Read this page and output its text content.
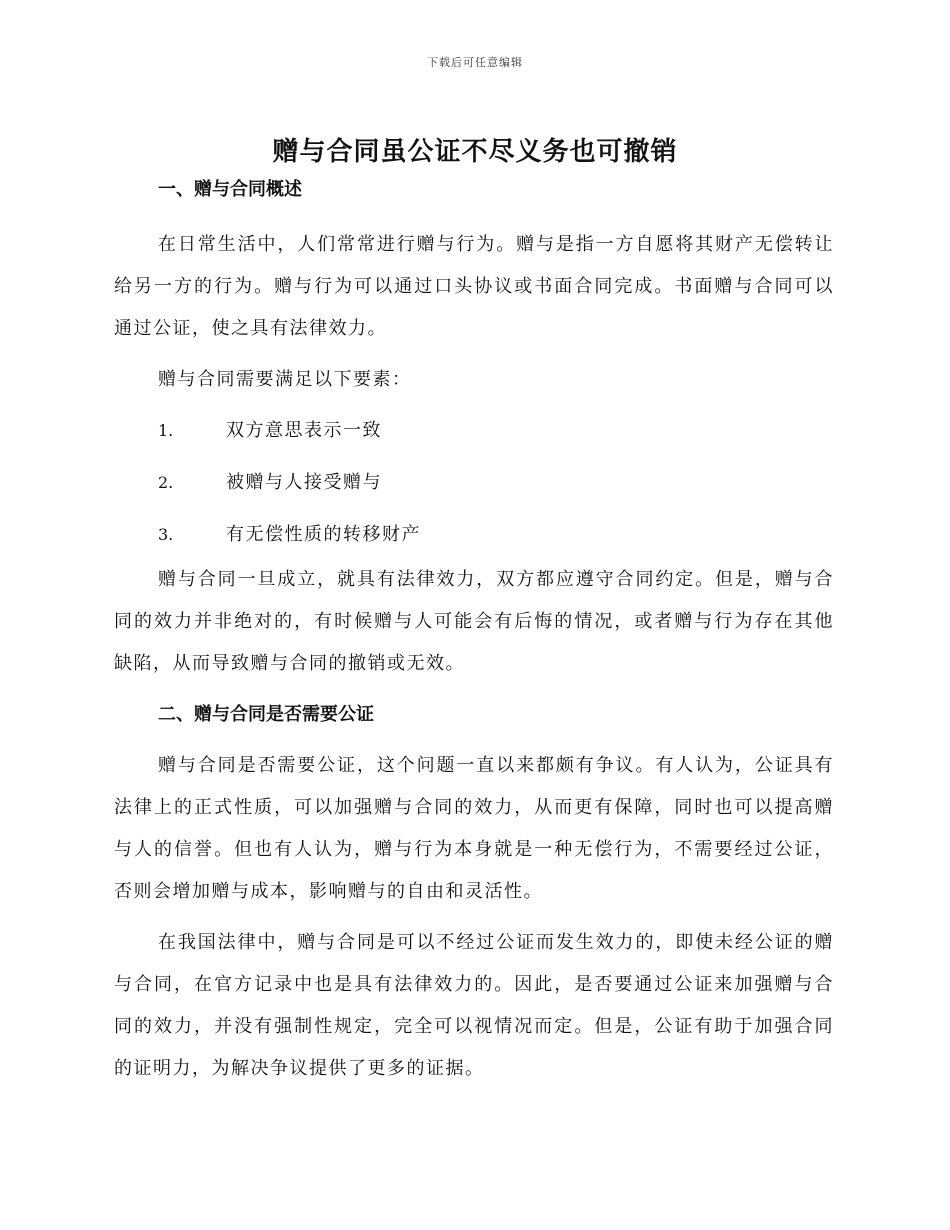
下载后可任意编辑
赠与合同虽公证不尽义务也可撤销
一、赠与合同概述

在日常生活中，人们常常进行赠与行为。赠与是指一方自愿将其财产无偿转让给另一方的行为。赠与行为可以通过口头协议或书面合同完成。书面赠与合同可以通过公证，使之具有法律效力。

赠与合同需要满足以下要素：

1.	双方意思表示一致
2.	被赠与人接受赠与
3.	有无偿性质的转移财产

赠与合同一旦成立，就具有法律效力，双方都应遵守合同约定。但是，赠与合同的效力并非绝对的，有时候赠与人可能会有后悔的情况，或者赠与行为存在其他缺陷，从而导致赠与合同的撤销或无效。

二、赠与合同是否需要公证

赠与合同是否需要公证，这个问题一直以来都颇有争议。有人认为，公证具有法律上的正式性质，可以加强赠与合同的效力，从而更有保障，同时也可以提高赠与人的信誉。但也有人认为，赠与行为本身就是一种无偿行为，不需要经过公证，否则会增加赠与成本，影响赠与的自由和灵活性。

在我国法律中，赠与合同是可以不经过公证而发生效力的，即使未经公证的赠与合同，在官方记录中也是具有法律效力的。因此，是否要通过公证来加强赠与合同的效力，并没有强制性规定，完全可以视情况而定。但是，公证有助于加强合同的证明力，为解决争议提供了更多的证据。
